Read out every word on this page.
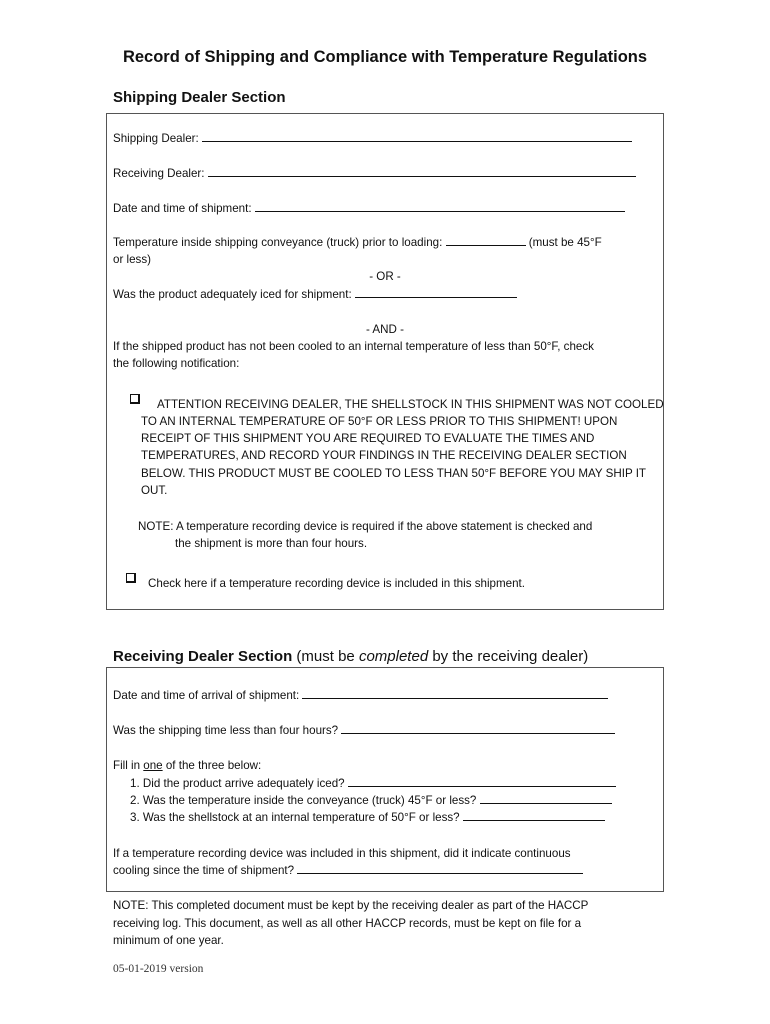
Record of Shipping and Compliance with Temperature Regulations
Shipping Dealer Section
Shipping Dealer:
Receiving Dealer:
Date and time of shipment:
Temperature inside shipping conveyance (truck) prior to loading:	(must be 45°F
or less)
- OR -
Was the product adequately iced for shipment:
- AND -
If the shipped product has not been cooled to an internal temperature of less than 50°F, check
the following notification:
ATTENTION RECEIVING DEALER, THE SHELLSTOCK IN THIS SHIPMENT WAS NOT COOLED
TO AN INTERNAL TEMPERATURE OF 50°F OR LESS PRIOR TO THIS SHIPMENT! UPON
RECEIPT OF THIS SHIPMENT YOU ARE REQUIRED TO EVALUATE THE TIMES AND
TEMPERATURES, AND RECORD YOUR FINDINGS IN THE RECEIVING DEALER SECTION
BELOW. THIS PRODUCT MUST BE COOLED TO LESS THAN 50°F BEFORE YOU MAY SHIP IT
OUT.
NOTE: A temperature recording device is required if the above statement is checked and
the shipment is more than four hours.
Check here if a temperature recording device is included in this shipment.
Receiving Dealer Section (must be completed by the receiving dealer)
Date and time of arrival of shipment:
Was the shipping time less than four hours?
Fill in one of the three below:
1. Did the product arrive adequately iced?
2. Was the temperature inside the conveyance (truck) 45°F or less?
3. Was the shellstock at an internal temperature of 50°F or less?
If a temperature recording device was included in this shipment, did it indicate continuous
cooling since the time of shipment?
NOTE: This completed document must be kept by the receiving dealer as part of the HACCP
receiving log. This document, as well as all other HACCP records, must be kept on file for a
minimum of one year.
05-01-2019 version
